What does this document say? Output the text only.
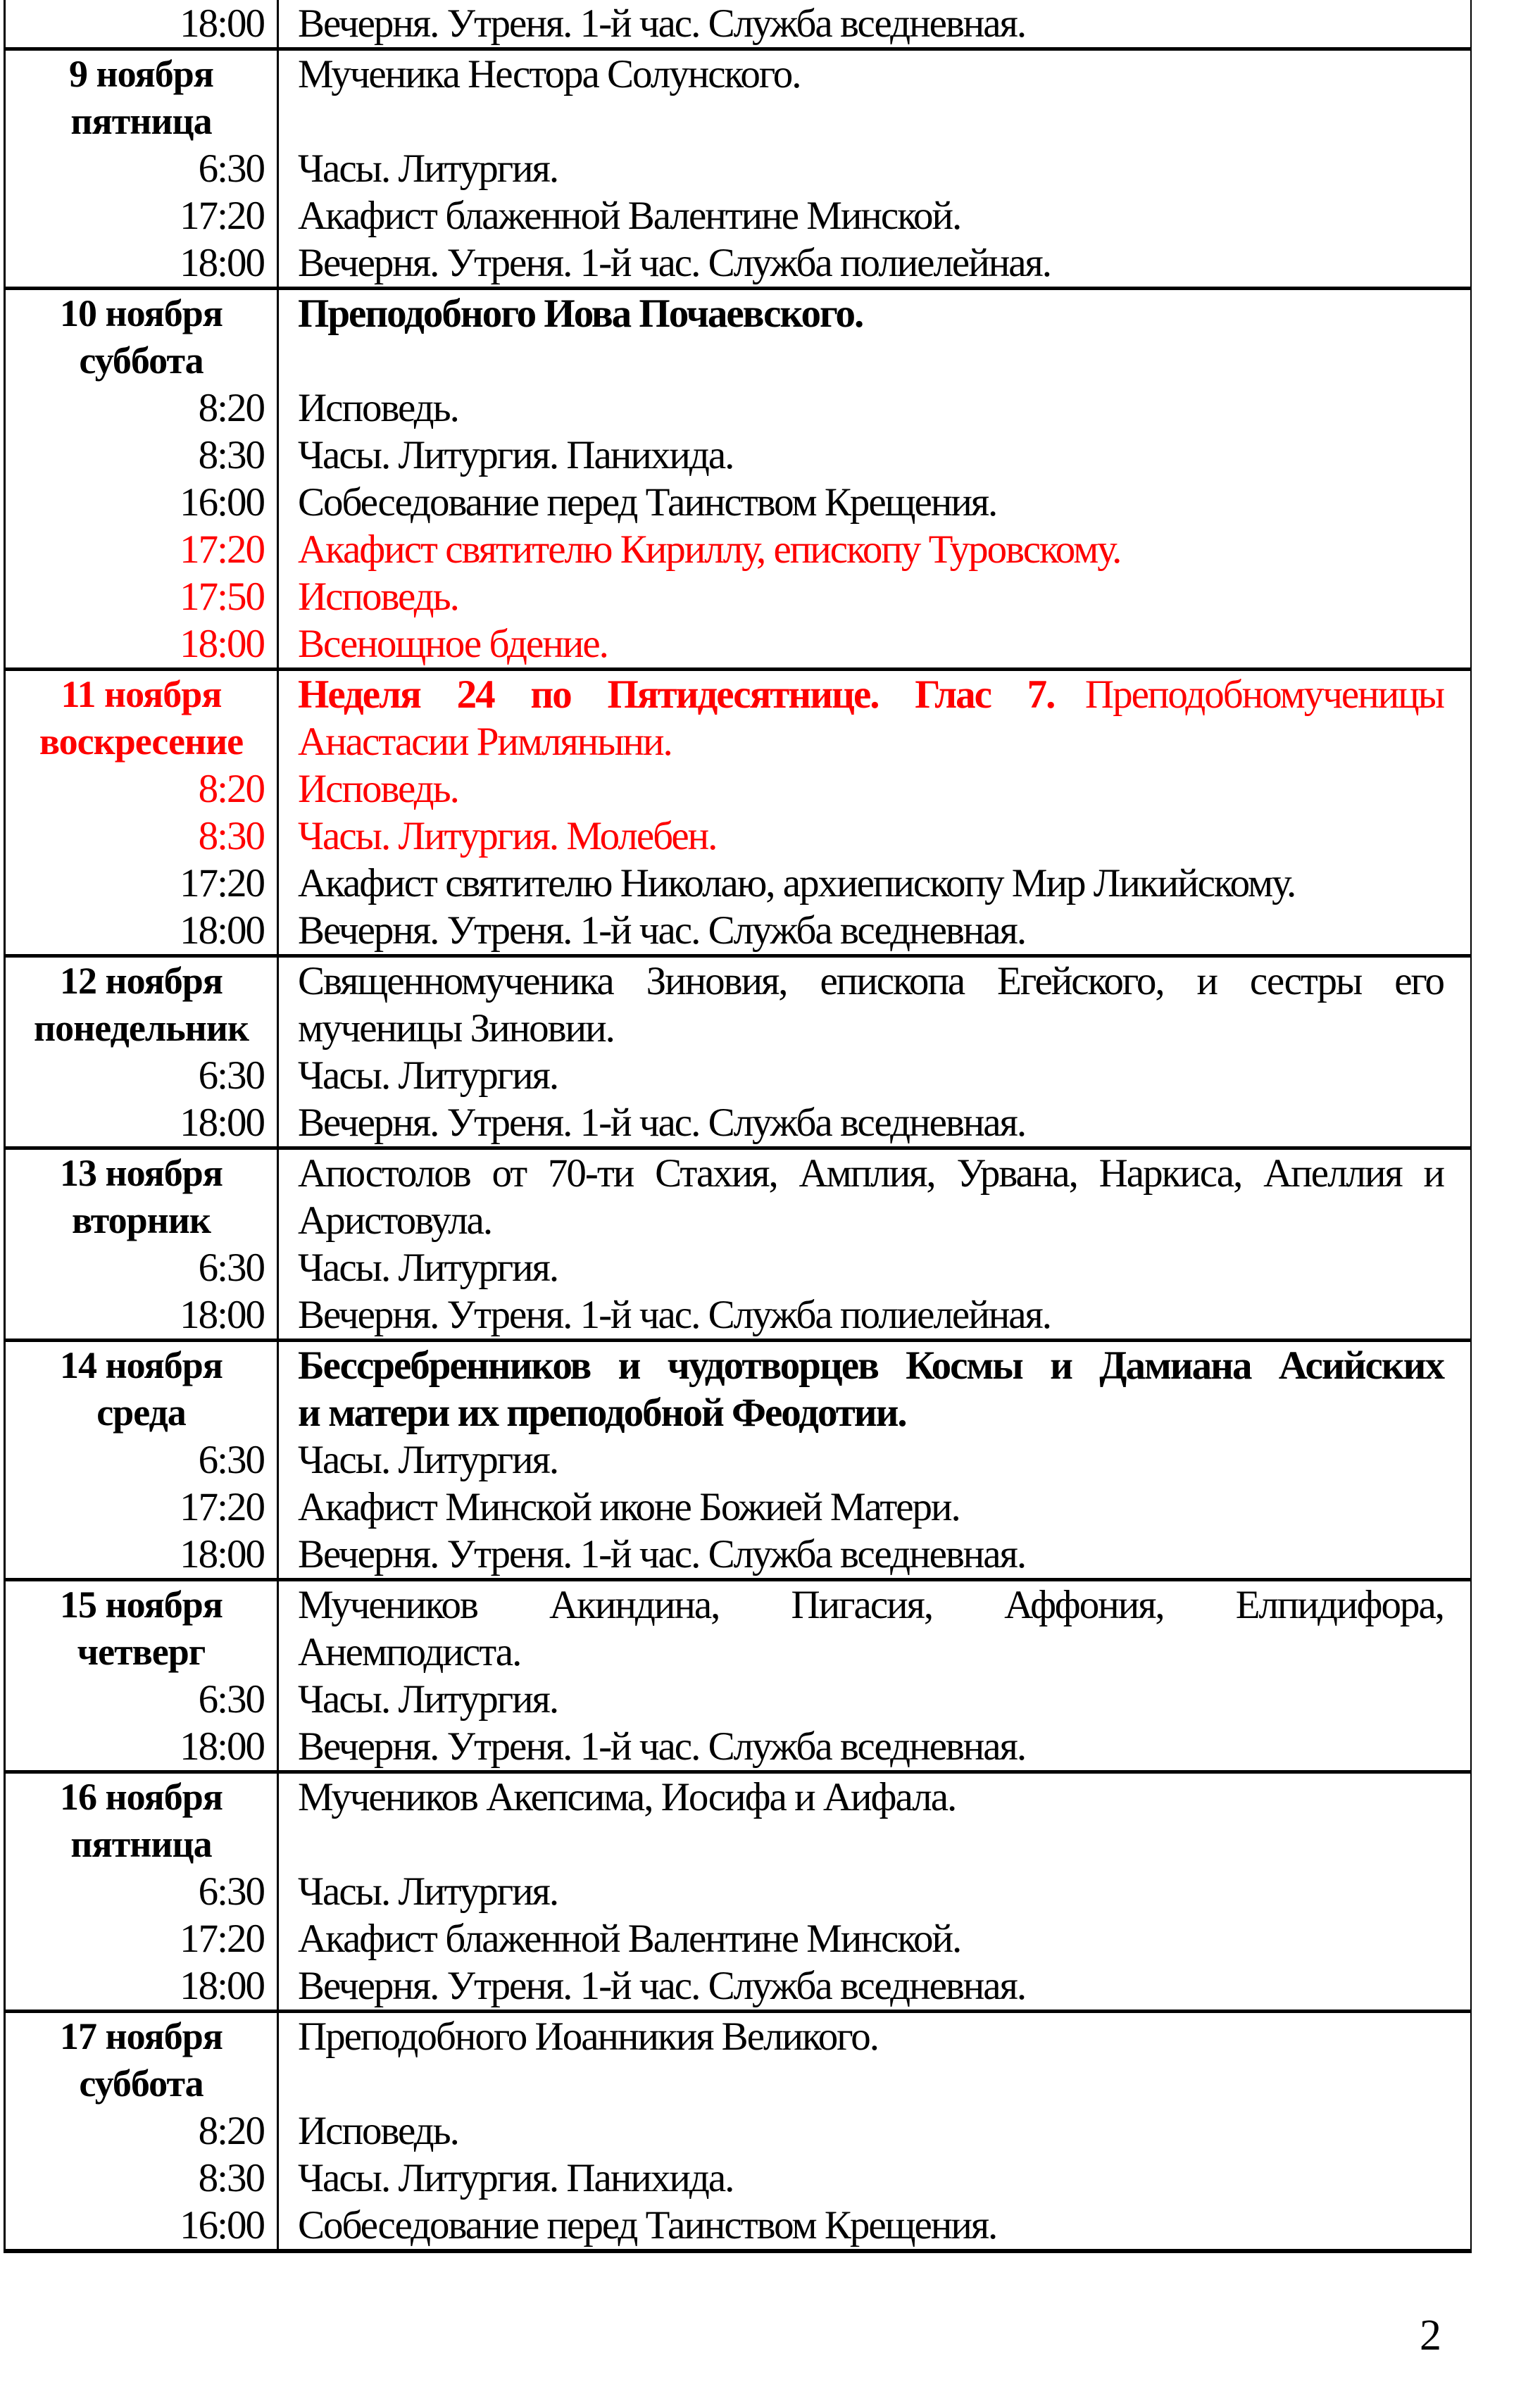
18:00 Вечерня. Утреня. 1-й час. Служба вседневная.
9 ноября	Мученика Нестора Солунского.
пятница
6:30 Часы. Литургия.
17:20 Акафист блаженной Валентине Минской.
18:00 Вечерня. Утреня. 1-й час. Служба полиелейная.
10 ноября	Преподобного Иова Почаевского.
суббота
8:20 Исповедь.
8:30 Часы. Литургия. Панихида.
16:00 Собеседование перед Таинством Крещения.
17:20 Акафист святителю Кириллу, епископу Туровскому.
17:50 Исповедь.
18:00 Всенощное бдение.
11 ноября	Неделя 24 по Пятидесятнице. Глас 7. Преподобномученицы
воскресение	Анастасии Римляныни.
8:20 Исповедь.
8:30 Часы. Литургия. Молебен.
17:20 Акафист святителю Николаю, архиепископу Мир Ликийскому.
18:00 Вечерня. Утреня. 1-й час. Служба вседневная.
12 ноября	Священномученика Зиновия, епископа Егейского, и сестры его
понедельник	мученицы Зиновии.
6:30 Часы. Литургия.
18:00 Вечерня. Утреня. 1-й час. Служба вседневная.
13 ноября	Апостолов от 70-ти Стахия, Амплия, Урвана, Наркиса, Апеллия и
вторник	Аристовула.
6:30 Часы. Литургия.
18:00 Вечерня. Утреня. 1-й час. Служба полиелейная.
14 ноября	Бессребренников и чудотворцев Космы и Дамиана Асийских
среда	и матери их преподобной Феодотии.
6:30 Часы. Литургия.
17:20 Акафист Минской иконе Божией Матери.
18:00 Вечерня. Утреня. 1-й час. Служба вседневная.
15 ноября	Мучеников Акиндина, Пигасия, Аффония, Елпидифора,
четверг	Анемподиста.
6:30 Часы. Литургия.
18:00 Вечерня. Утреня. 1-й час. Служба вседневная.
16 ноября	Мучеников Акепсима, Иосифа и Аифала.
пятница
6:30 Часы. Литургия.
17:20 Акафист блаженной Валентине Минской.
18:00 Вечерня. Утреня. 1-й час. Служба вседневная.
17 ноября	Преподобного Иоанникия Великого.
суббота
8:20 Исповедь.
8:30 Часы. Литургия. Панихида.
16:00 Собеседование перед Таинством Крещения.
2
